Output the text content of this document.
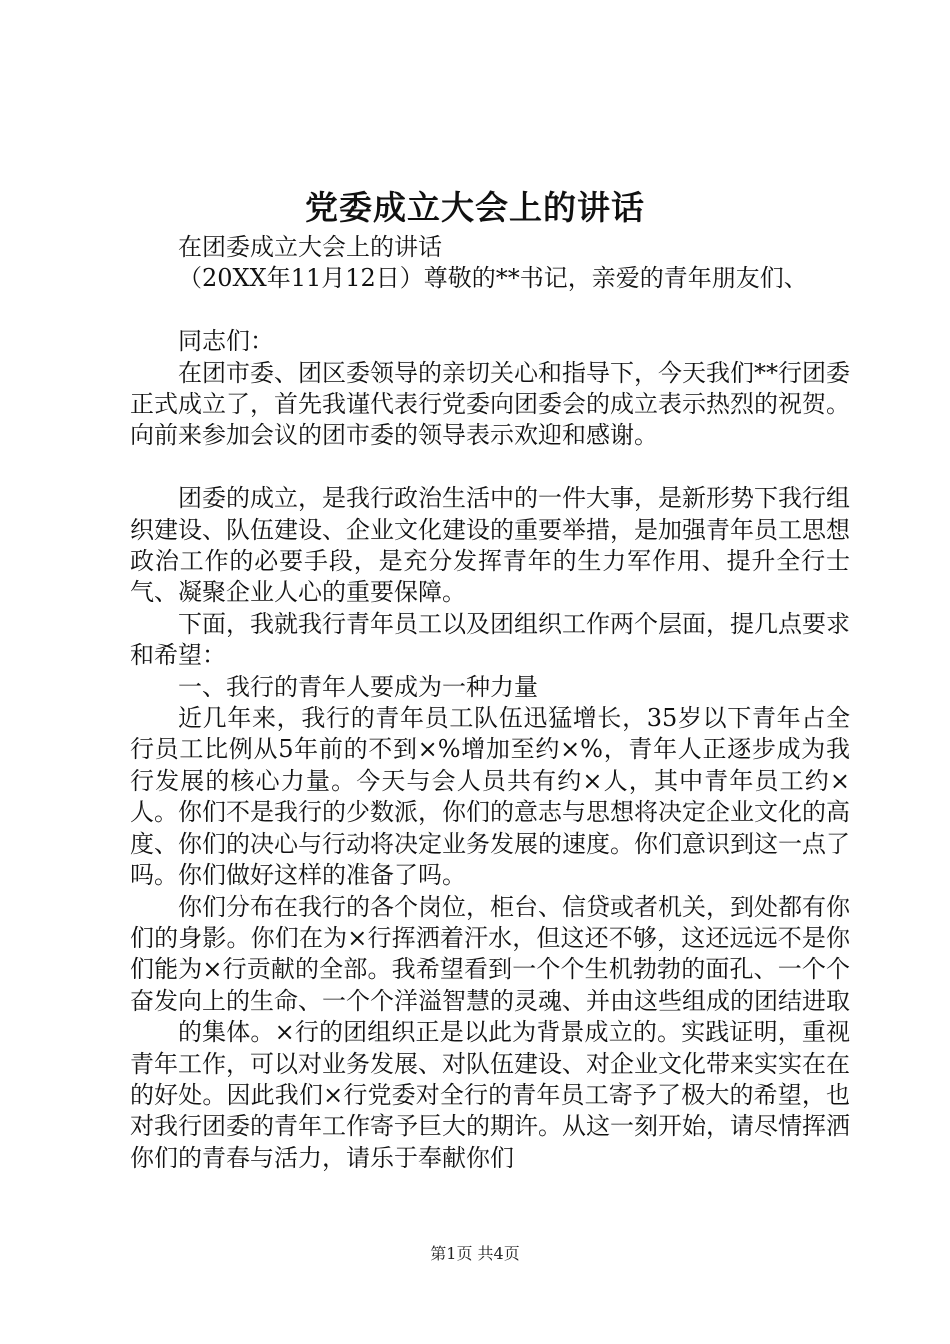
党委成立大会上的讲话

在团委成立大会上的讲话

（20XX年11月12日）尊敬的**书记，亲爱的青年朋友们、

同志们：

在团市委、团区委领导的亲切关心和指导下，今天我们**行团委正式成立了，首先我谨代表行党委向团委会的成立表示热烈的祝贺。向前来参加会议的团市委的领导表示欢迎和感谢。

团委的成立，是我行政治生活中的一件大事，是新形势下我行组织建设、队伍建设、企业文化建设的重要举措，是加强青年员工思想政治工作的必要手段，是充分发挥青年的生力军作用、提升全行士气、凝聚企业人心的重要保障。

下面，我就我行青年员工以及团组织工作两个层面，提几点要求和希望：

一、我行的青年人要成为一种力量

近几年来，我行的青年员工队伍迅猛增长，35岁以下青年占全行员工比例从5年前的不到×%增加至约×%，青年人正逐步成为我行发展的核心力量。今天与会人员共有约×人，其中青年员工约×人。你们不是我行的少数派，你们的意志与思想将决定企业文化的高度、你们的决心与行动将决定业务发展的速度。你们意识到这一点了吗。你们做好这样的准备了吗。

你们分布在我行的各个岗位，柜台、信贷或者机关，到处都有你们的身影。你们在为×行挥洒着汗水，但这还不够，这还远远不是你们能为×行贡献的全部。我希望看到一个个生机勃勃的面孔、一个个奋发向上的生命、一个个洋溢智慧的灵魂、并由这些组成的团结进取

的集体。×行的团组织正是以此为背景成立的。实践证明，重视青年工作，可以对业务发展、对队伍建设、对企业文化带来实实在在的好处。因此我们×行党委对全行的青年员工寄予了极大的希望，也对我行团委的青年工作寄予巨大的期许。从这一刻开始，请尽情挥洒你们的青春与活力，请乐于奉献你们

第1页 共4页
